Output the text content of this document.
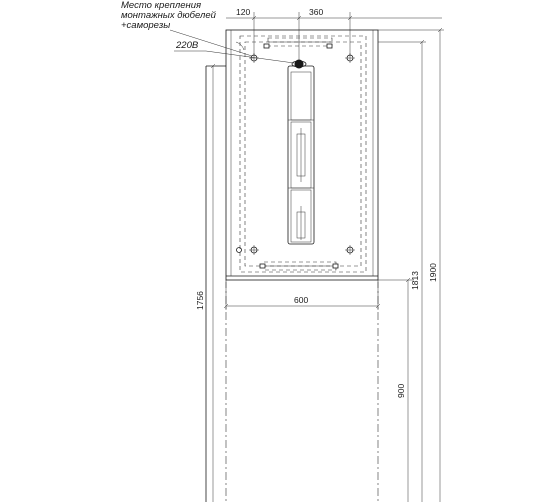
120	360
600
1756
900
1813 1900
Место крепления
монтажных дюбелей
+саморезы
220В
